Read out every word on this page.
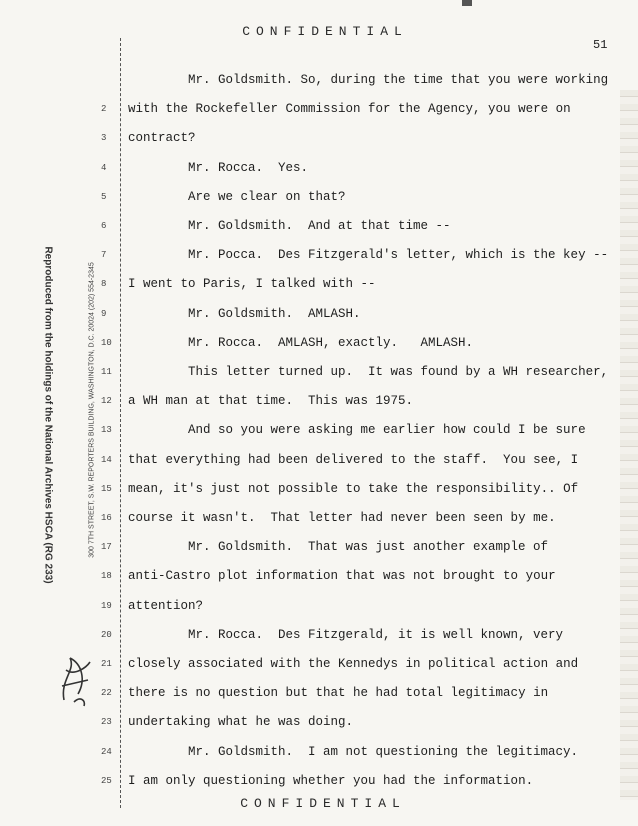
CONFIDENTIAL
51
Reproduced from the holdings of the National Archives HSCA (RG 233)	300 7TH STREET, S.W. REPORTERS BUILDING, WASHINGTON, D.C. 20024 (202) 554-2345
2
3
4
5
6
7
8
9
10
11
12
13
14
15
16
17
18
19
20
21
22
23
24
25
Mr. Goldsmith. So, during the time that you were working
with the Rockefeller Commission for the Agency, you were on
contract?
Mr. Rocca.  Yes.
Are we clear on that?
Mr. Goldsmith.  And at that time --
Mr. Pocca.  Des Fitzgerald's letter, which is the key --
I went to Paris, I talked with --
Mr. Goldsmith.  AMLASH.
Mr. Rocca.  AMLASH, exactly.   AMLASH.
This letter turned up.  It was found by a WH researcher,
a WH man at that time.  This was 1975.
And so you were asking me earlier how could I be sure
that everything had been delivered to the staff.  You see, I
mean, it's just not possible to take the responsibility.. Of
course it wasn't.  That letter had never been seen by me.
Mr. Goldsmith.  That was just another example of
anti-Castro plot information that was not brought to your
attention?
Mr. Rocca.  Des Fitzgerald, it is well known, very
closely associated with the Kennedys in political action and
there is no question but that he had total legitimacy in
undertaking what he was doing.
Mr. Goldsmith.  I am not questioning the legitimacy.
I am only questioning whether you had the information.
CONFIDENTIAL
